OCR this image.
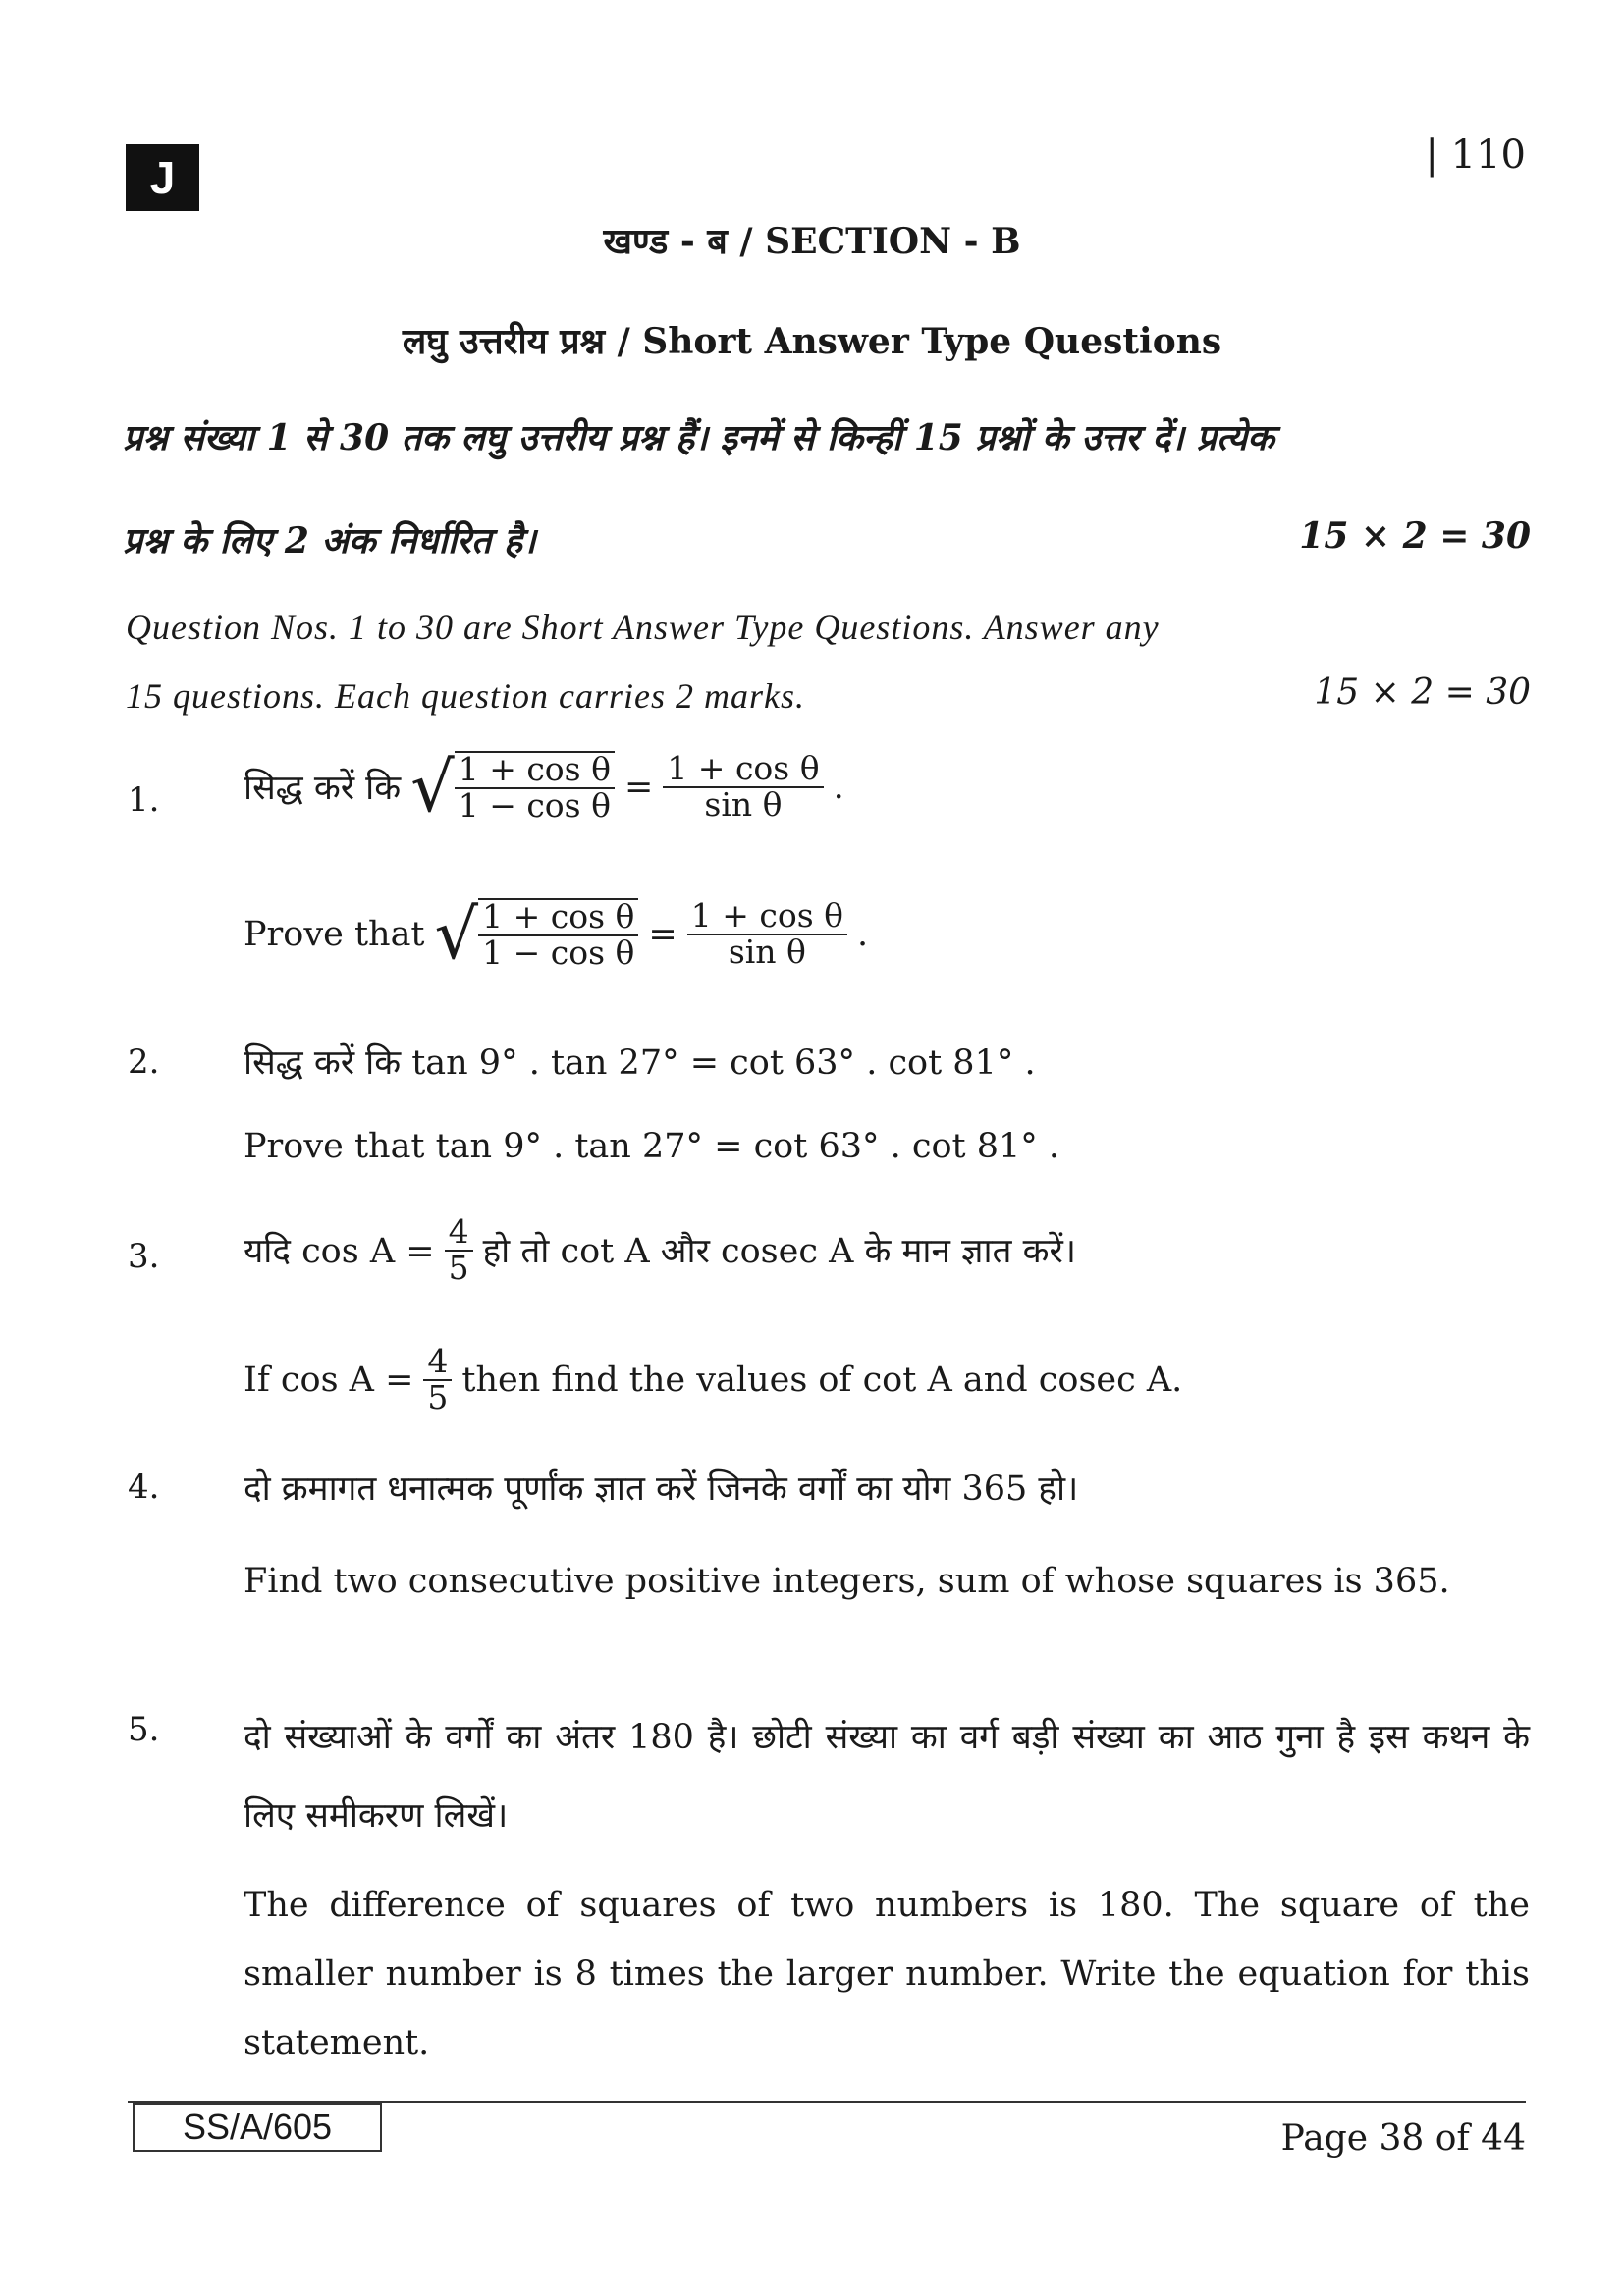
J	| 110
खण्ड - ब / SECTION - B
लघु उत्तरीय प्रश्न / Short Answer Type Questions
प्रश्न संख्या 1 से 30 तक लघु उत्तरीय प्रश्न हैं। इनमें से किन्हीं 15 प्रश्नों के उत्तर दें। प्रत्येक
प्रश्न के लिए 2 अंक निर्धारित है।	15 × 2 = 30
Question Nos. 1 to 30 are Short Answer Type Questions. Answer any
15 questions. Each question carries 2 marks.	15 × 2 = 30
1. सिद्ध करें कि √ $\frac{\text{1 + cos θ}}{\text{1 − cos θ}} = \frac{\text{1 + cos θ}}{\text{sin θ}}$ .
Prove that √ $\frac{\text{1 + cos θ}}{\text{1 − cos θ}} = \frac{\text{1 + cos θ}}{\text{sin θ}}$ .
2. सिद्ध करें कि tan 9° . tan 27° = cot 63° . cot 81° .
Prove that tan 9° . tan 27° = cot 63° . cot 81° .
3. यदि $\cos A = \frac{4}{5}$ हो तो cot A और cosec A के मान ज्ञात करें।
If $\cos A = \frac{4}{5}$ then find the values of cot A and cosec A.
4. दो क्रमागत धनात्मक पूर्णांक ज्ञात करें जिनके वर्गों का योग 365 हो।
Find two consecutive positive integers, sum of whose squares is 365.
5. दो संख्याओं के वर्गों का अंतर 180 है। छोटी संख्या का वर्ग बड़ी संख्या का आठ गुना है इस कथन के लिए समीकरण लिखें।
The difference of squares of two numbers is 180. The square of the smaller number is 8 times the larger number. Write the equation for this statement.
SS/A/605	Page 38 of 44
